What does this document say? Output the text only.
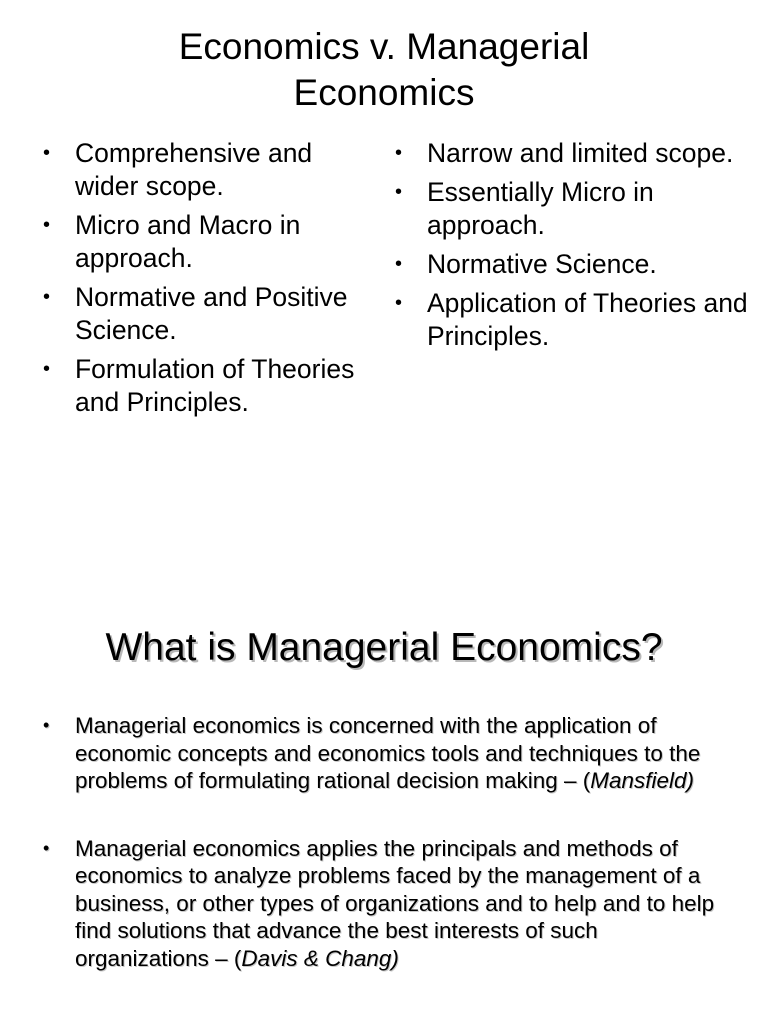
Economics v. Managerial
Economics
• Comprehensive and wider scope.
• Micro and Macro in approach.
• Normative and Positive Science.
• Formulation of Theories and Principles.
• Narrow and limited scope.
• Essentially Micro in approach.
• Normative Science.
• Application of Theories and Principles.
What is Managerial Economics?
• Managerial economics is concerned with the application of economic concepts and economics tools and techniques to the problems of formulating rational decision making – (Mansfield)
• Managerial economics applies the principals and methods of economics to analyze problems faced by the management of a business, or other types of organizations and to help and to help find solutions that advance the best interests of such organizations – (Davis & Chang)
